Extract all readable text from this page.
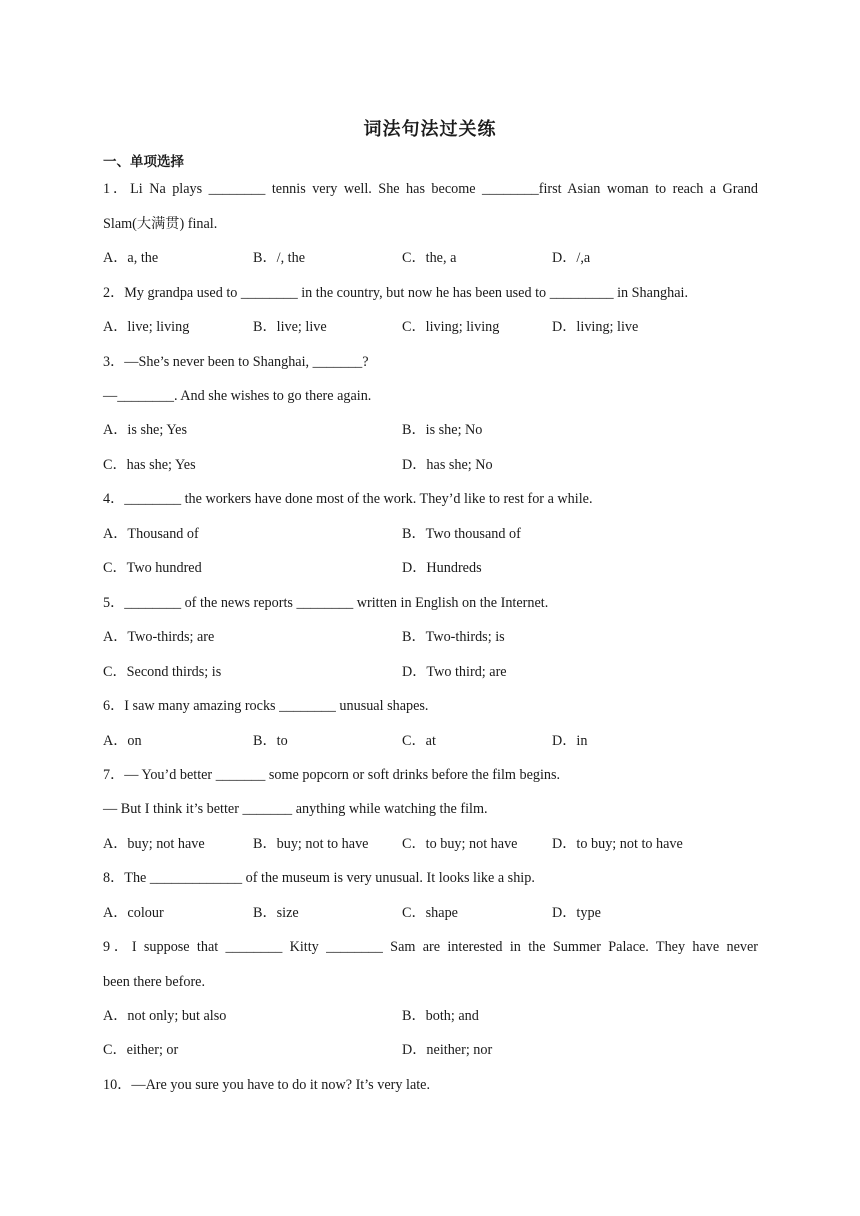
词法句法过关练
一、单项选择
1．Li Na plays ________ tennis very well. She has become ________first Asian woman to reach a Grand
Slam(大满贯) final.
A．a, the	B．/, the	C．the, a	D．/,a
2．My grandpa used to ________ in the country, but now he has been used to _________ in Shanghai.
A．live; living	B．live; live	C．living; living	D．living; live
3．—She’s never been to Shanghai, _______?
—________. And she wishes to go there again.
A．is she; Yes	B．is she; No
C．has she; Yes	D．has she; No
4．________ the workers have done most of the work. They’d like to rest for a while.
A．Thousand of	B．Two thousand of
C．Two hundred	D．Hundreds
5．________ of the news reports ________ written in English on the Internet.
A．Two-thirds; are	B．Two-thirds; is
C．Second thirds; is	D．Two third; are
6．I saw many amazing rocks ________ unusual shapes.
A．on	B．to	C．at	D．in
7．— You’d better _______ some popcorn or soft drinks before the film begins.
— But I think it’s better _______ anything while watching the film.
A．buy; not have	B．buy; not to have C．to buy; not have D．to buy; not to have
8．The _____________ of the museum is very unusual. It looks like a ship.
A．colour	B．size	C．shape	D．type
9．I suppose that ________ Kitty ________ Sam are interested in the Summer Palace. They have never
been there before.
A．not only; but also	B．both; and
C．either; or	D．neither; nor
10．—Are you sure you have to do it now? It’s very late.
